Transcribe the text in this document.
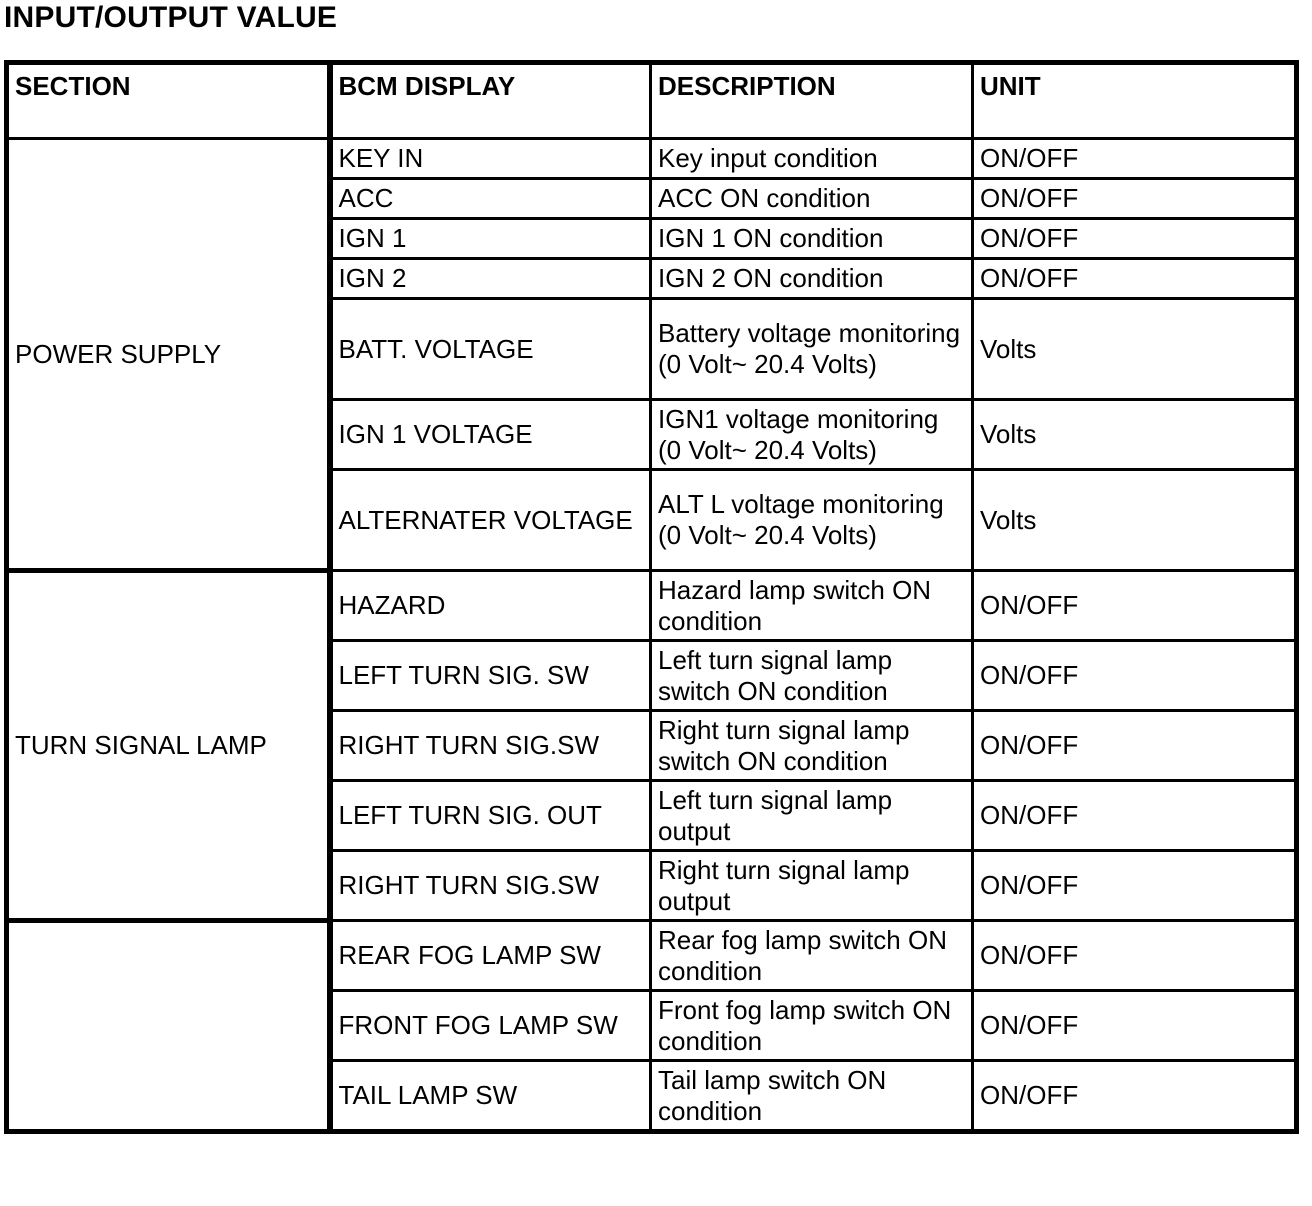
INPUT/OUTPUT VALUE
SECTION	BCM DISPLAY	DESCRIPTION	UNIT
POWER SUPPLY	KEY IN	Key input condition	ON/OFF
	ACC	ACC ON condition	ON/OFF
	IGN 1	IGN 1 ON condition	ON/OFF
	IGN 2	IGN 2 ON condition	ON/OFF
	BATT. VOLTAGE	Battery voltage monitoring (0 Volt~ 20.4 Volts)	Volts
	IGN 1 VOLTAGE	IGN1 voltage monitoring (0 Volt~ 20.4 Volts)	Volts
	ALTERNATER VOLTAGE	ALT L voltage monitoring (0 Volt~ 20.4 Volts)	Volts
TURN SIGNAL LAMP	HAZARD	Hazard lamp switch ON condition	ON/OFF
	LEFT TURN SIG. SW	Left turn signal lamp switch ON condition	ON/OFF
	RIGHT TURN SIG.SW	Right turn signal lamp switch ON condition	ON/OFF
	LEFT TURN SIG. OUT	Left turn signal lamp output	ON/OFF
	RIGHT TURN SIG.SW	Right turn signal lamp output	ON/OFF
	REAR FOG LAMP SW	Rear fog lamp switch ON condition	ON/OFF
	FRONT FOG LAMP SW	Front fog lamp switch ON condition	ON/OFF
	TAIL LAMP SW	Tail lamp switch ON condition	ON/OFF
